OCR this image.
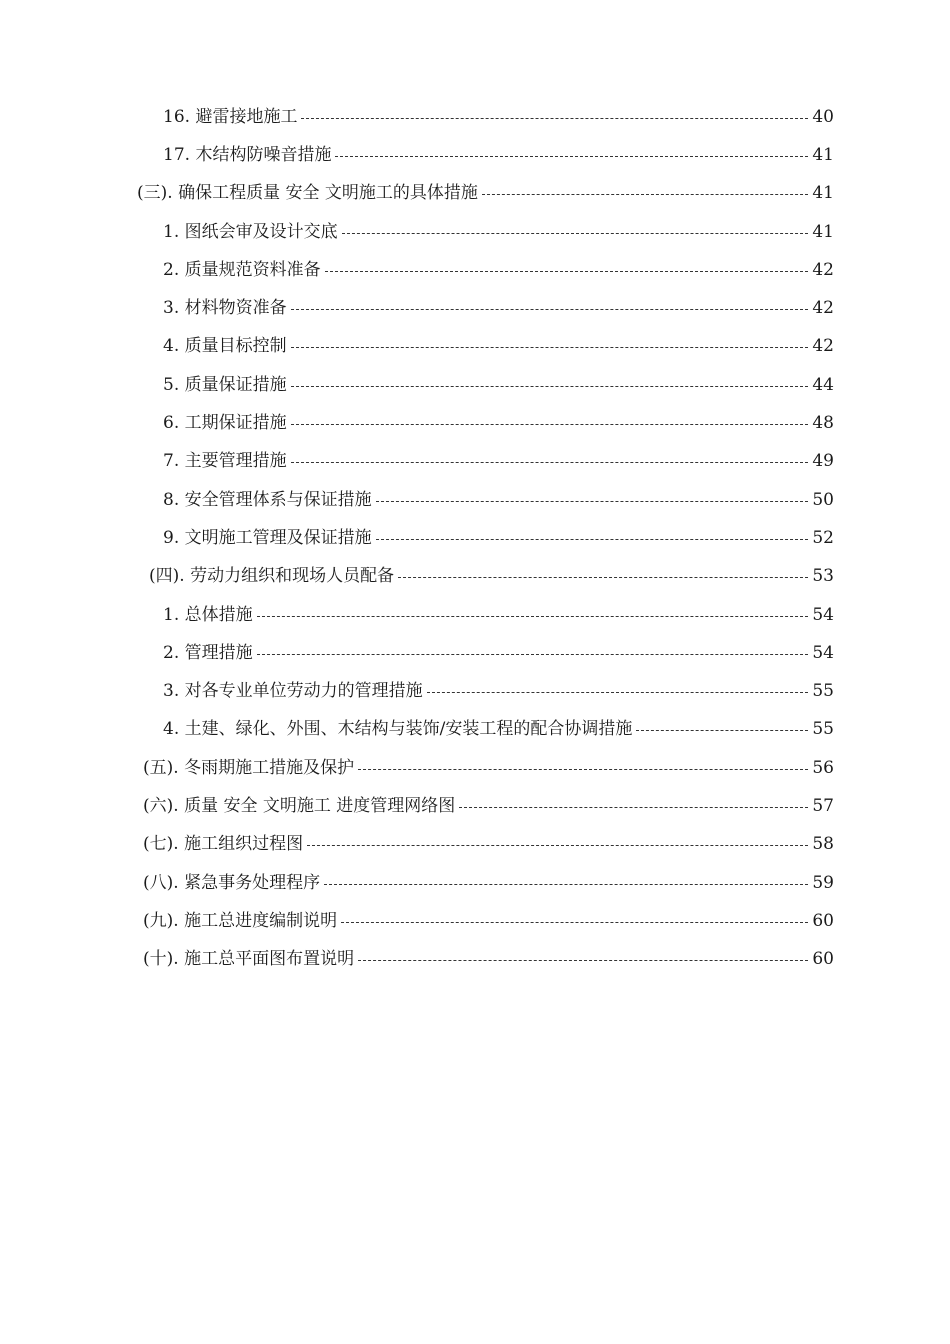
16. 避雷接地施工	40
17. 木结构防噪音措施	41
(三). 确保工程质量 安全 文明施工的具体措施	41
1. 图纸会审及设计交底	41
2. 质量规范资料准备	42
3. 材料物资准备	42
4. 质量目标控制	42
5. 质量保证措施	44
6. 工期保证措施	48
7. 主要管理措施	49
8. 安全管理体系与保证措施	50
9. 文明施工管理及保证措施	52
(四). 劳动力组织和现场人员配备	53
1. 总体措施	54
2. 管理措施	54
3. 对各专业单位劳动力的管理措施	55
4. 土建、绿化、外围、木结构与装饰/安装工程的配合协调措施	55
(五). 冬雨期施工措施及保护	56
(六). 质量 安全 文明施工 进度管理网络图	57
(七). 施工组织过程图	58
(八). 紧急事务处理程序	59
(九). 施工总进度编制说明	60
(十). 施工总平面图布置说明	60
